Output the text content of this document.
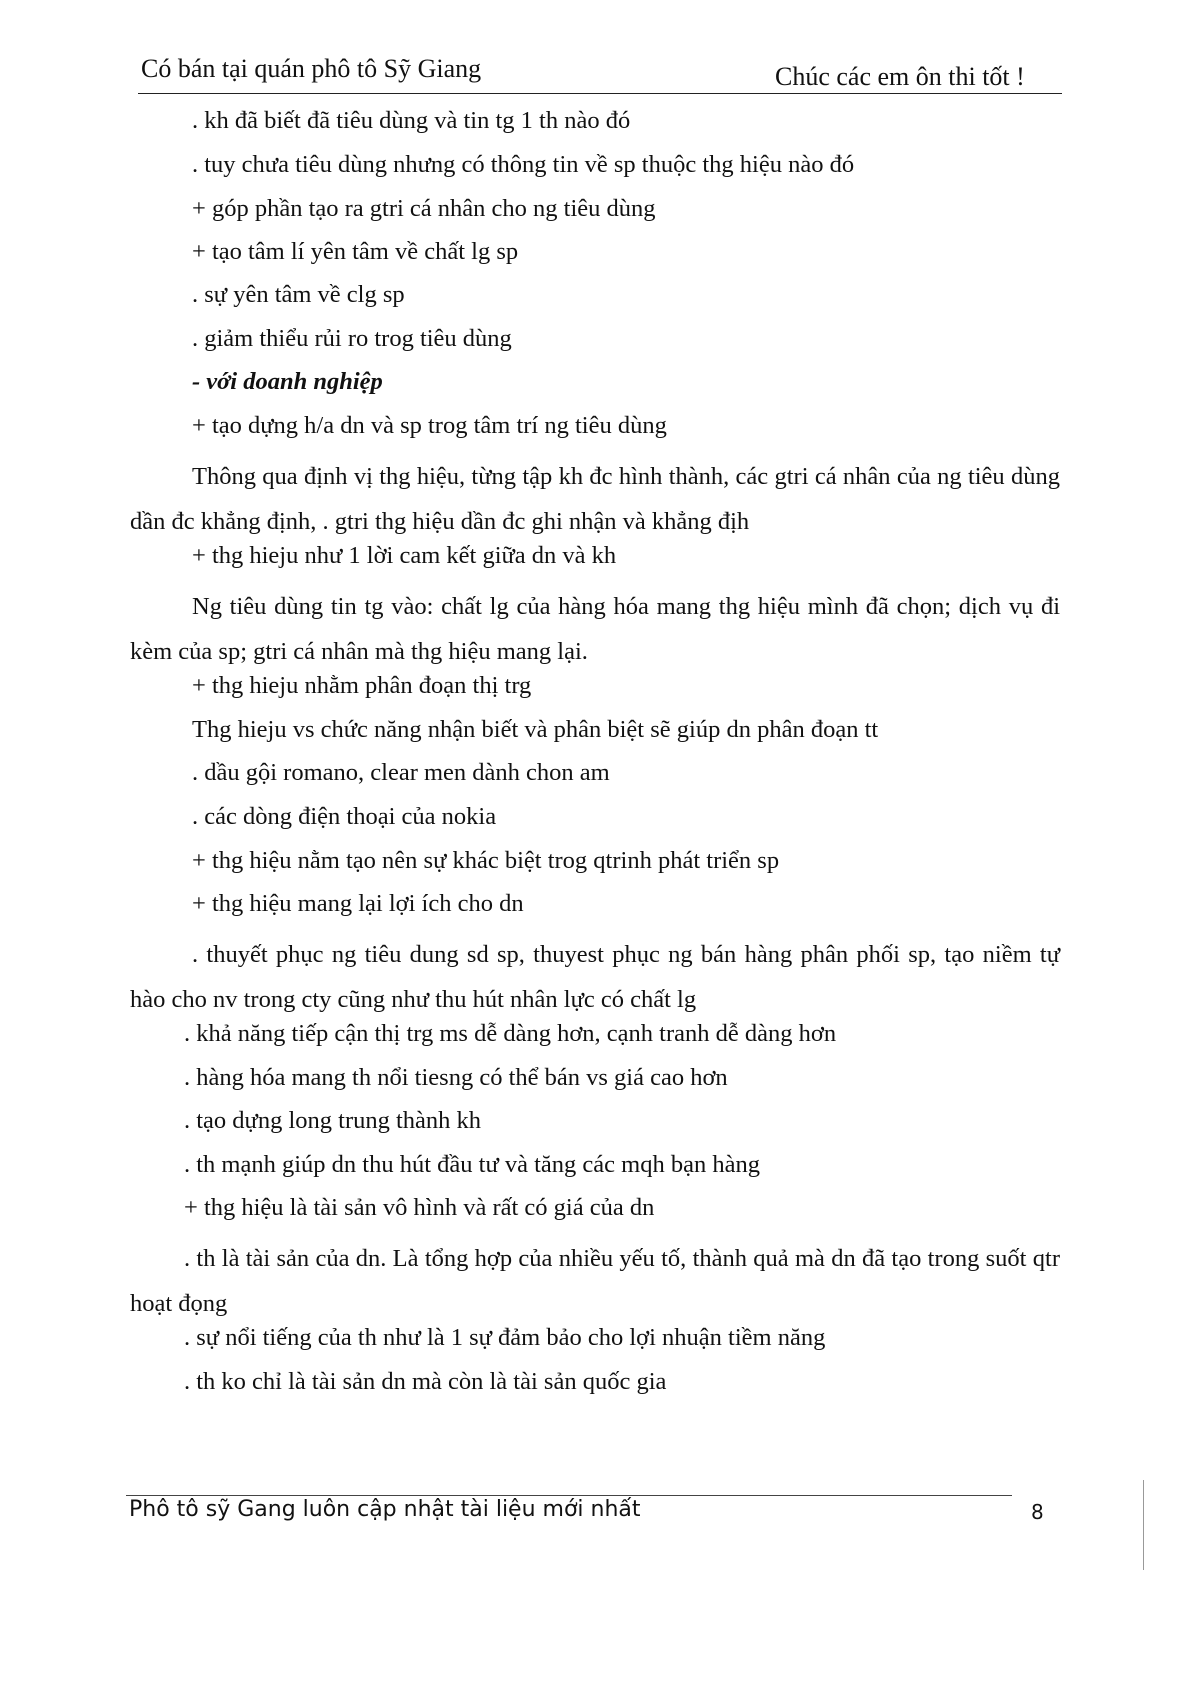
Có bán tại quán phô tô Sỹ Giang	Chúc các em ôn thi tốt !
. kh đã biết đã tiêu dùng và tin tg 1 th nào đó
. tuy chưa tiêu dùng nhưng có thông tin về sp thuộc thg hiệu nào đó
+ góp phần tạo ra gtri cá nhân cho ng tiêu dùng
+ tạo tâm lí yên tâm về chất lg sp
. sự yên tâm về clg sp
. giảm thiểu rủi ro trog tiêu dùng
- với doanh nghiệp
+ tạo dựng h/a dn và sp trog tâm trí ng tiêu dùng
Thông qua định vị thg hiệu, từng tập kh đc hình thành, các gtri cá nhân của ng tiêu dùng dần đc khẳng định, . gtri thg hiệu dần đc ghi nhận và khẳng địh
+ thg hieju như 1 lời cam kết giữa dn và kh
Ng tiêu dùng tin tg vào: chất lg của hàng hóa mang thg hiệu mình đã chọn; dịch vụ đi kèm của sp; gtri cá nhân mà thg hiệu mang lại.
+ thg hieju nhằm phân đoạn thị trg
Thg hieju vs chức năng nhận biết và phân biệt sẽ giúp dn phân đoạn tt
. dầu gội romano, clear men dành chon am
. các dòng điện thoại của nokia
+ thg hiệu nằm tạo nên sự khác biệt trog qtrinh phát triển sp
+ thg hiệu mang lại lợi ích cho dn
. thuyết phục ng tiêu dung sd sp, thuyest phục ng bán hàng phân phối sp, tạo niềm tự hào cho nv trong cty cũng như thu hút nhân lực có chất lg
. khả năng tiếp cận thị trg ms dễ dàng hơn, cạnh tranh dễ dàng hơn
. hàng hóa mang th nổi tiesng có thể bán vs giá cao hơn
. tạo dựng long trung thành kh
. th mạnh giúp dn thu hút đầu tư và tăng các mqh bạn hàng
+ thg hiệu là tài sản vô hình và rất có giá của dn
. th là tài sản của dn. Là tổng hợp của nhiều yếu tố, thành quả mà dn đã tạo trong suốt qtr hoạt đọng
. sự nổi tiếng của th như là 1 sự đảm bảo cho lợi nhuận tiềm năng
. th ko chỉ là tài sản dn mà còn là tài sản quốc gia
Phô tô sỹ Gang luôn cập nhật tài liệu mới nhất	8
